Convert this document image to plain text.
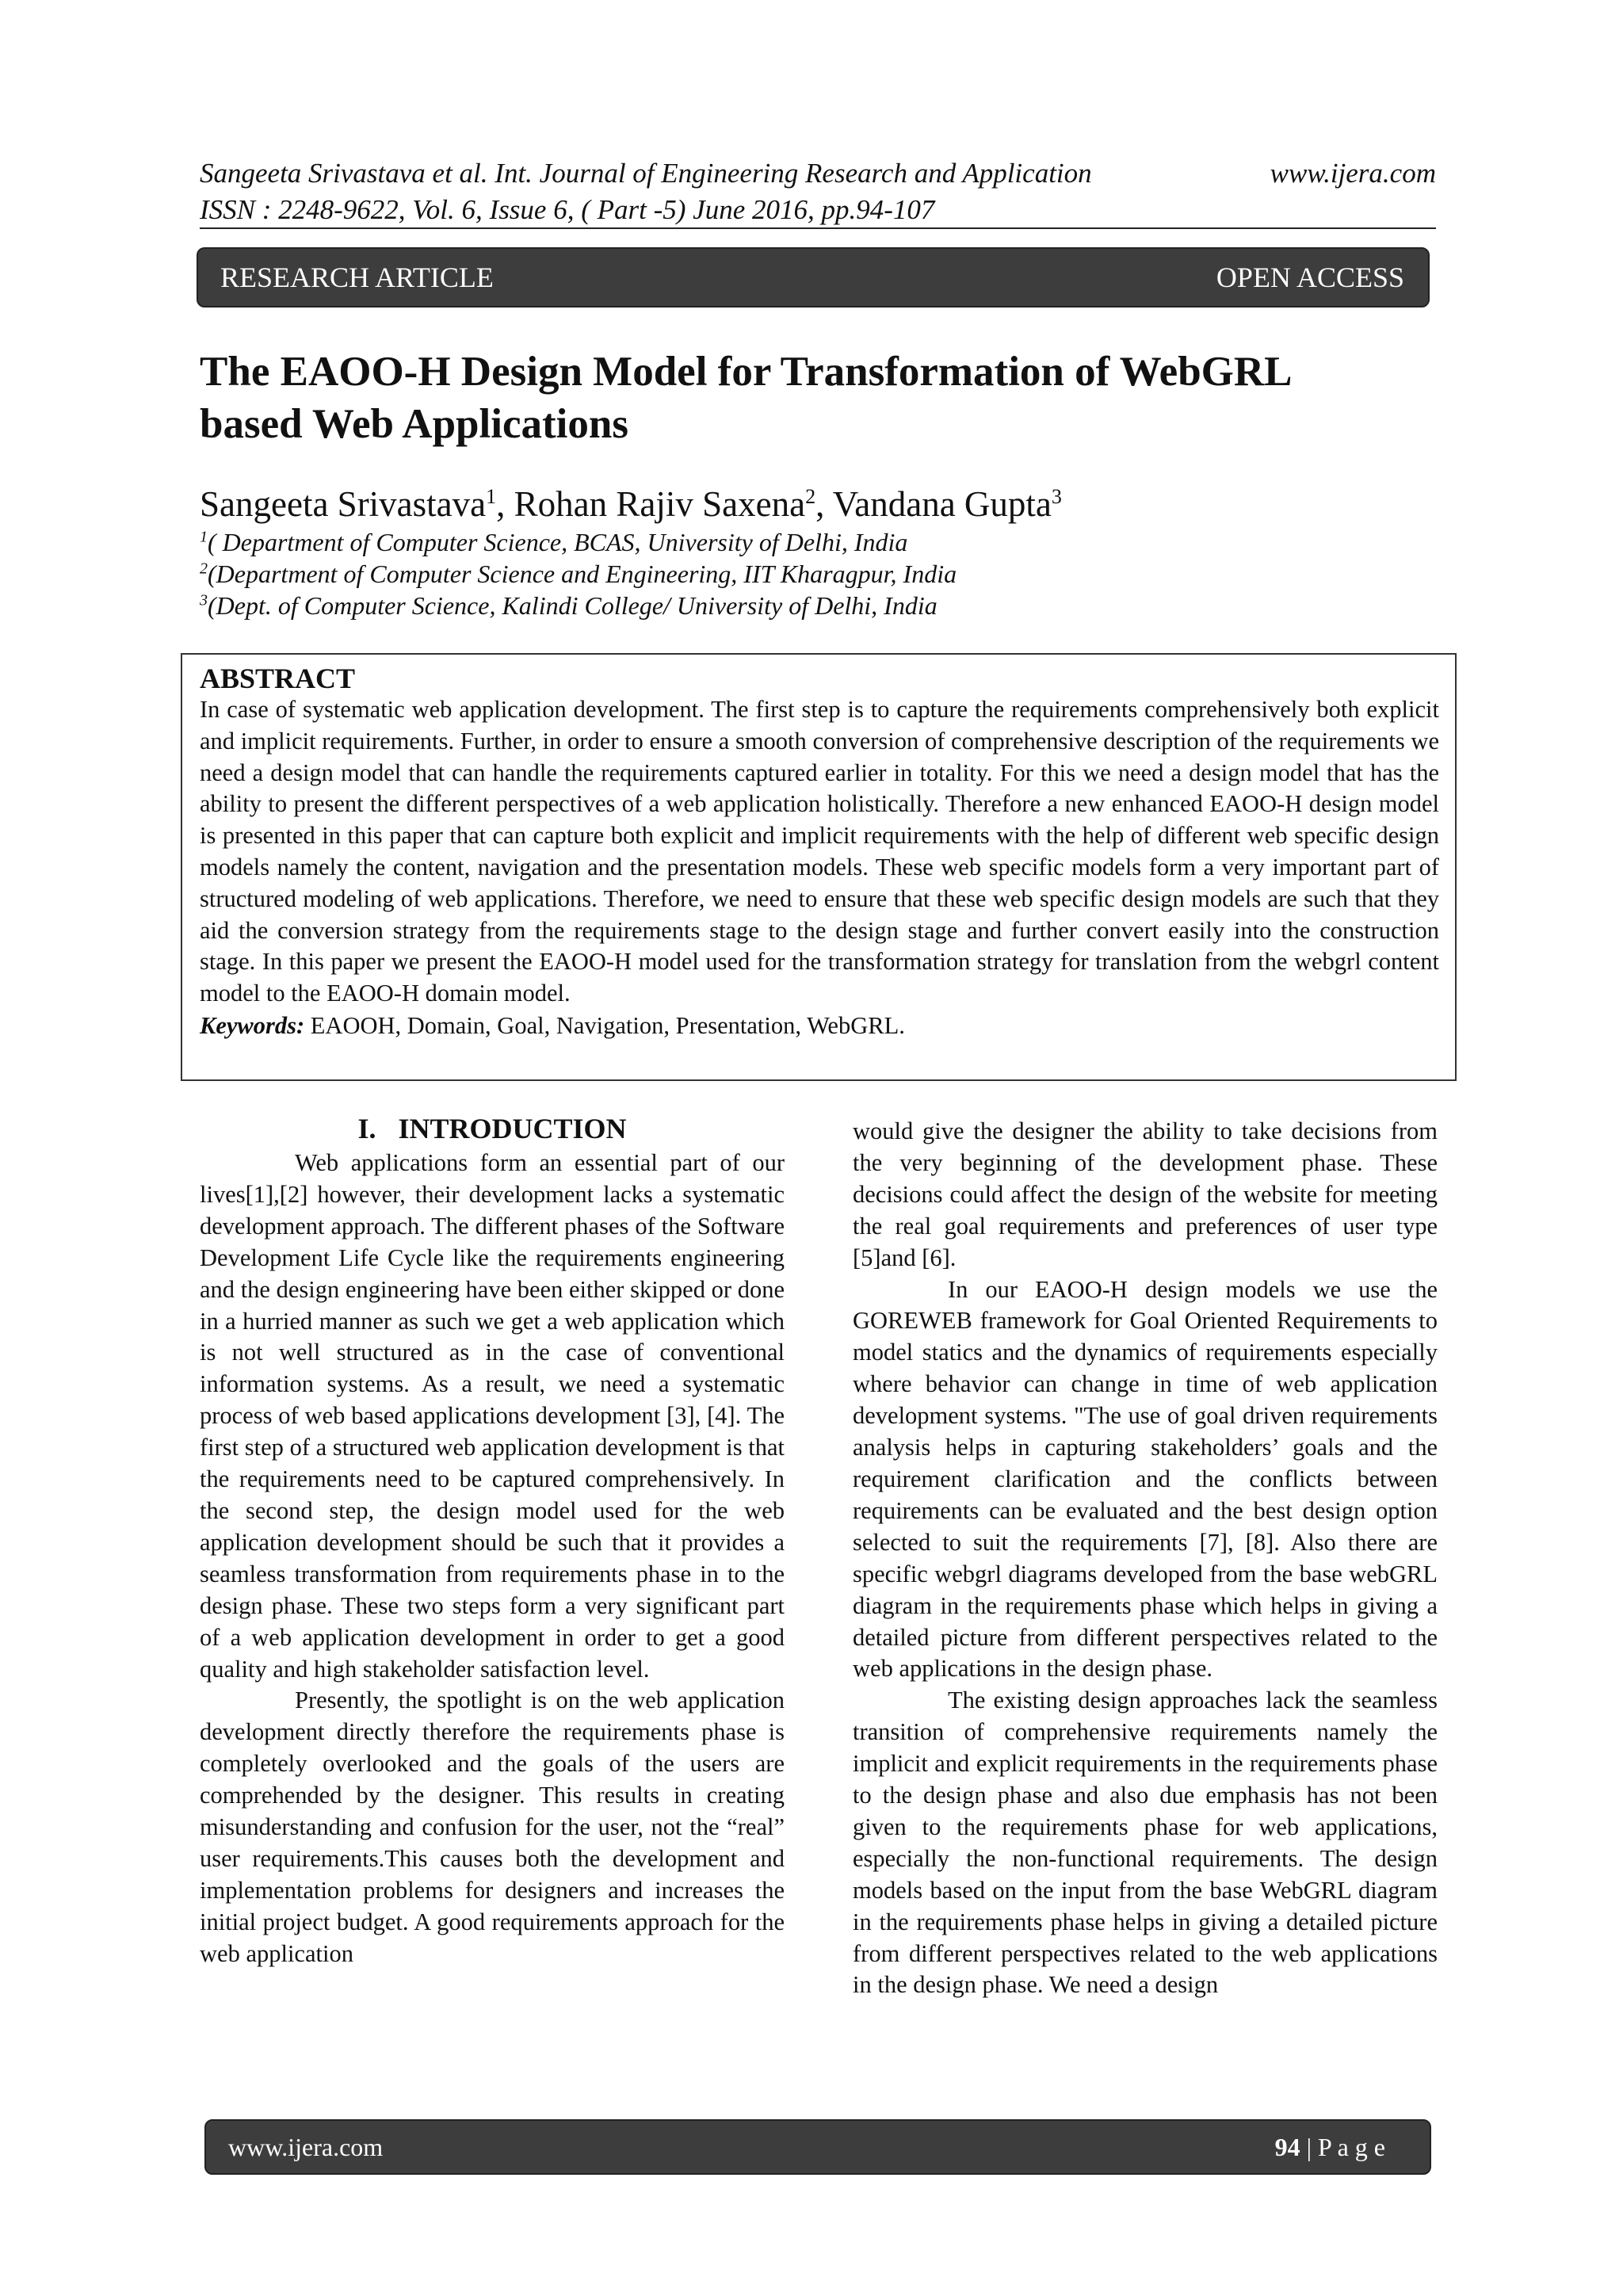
Sangeeta Srivastava et al. Int. Journal of Engineering Research and Application	www.ijera.com
ISSN : 2248-9622, Vol. 6, Issue 6, ( Part -5) June 2016, pp.94-107
RESEARCH ARTICLE	OPEN ACCESS
The EAOO-H Design Model for Transformation of WebGRL
based Web Applications
Sangeeta Srivastava$^1$, Rohan Rajiv Saxena$^2$, Vandana Gupta$^3$
$^1$( Department of Computer Science, BCAS, University of Delhi, India
$^2$(Department of Computer Science and Engineering, IIT Kharagpur, India
$^3$(Dept. of Computer Science, Kalindi College/ University of Delhi, India
ABSTRACT

In case of systematic web application development. The first step is to capture the requirements comprehensively both explicit and implicit requirements. Further, in order to ensure a smooth conversion of comprehensive description of the requirements we need a design model that can handle the requirements captured earlier in totality. For this we need a design model that has the ability to present the different perspectives of a web application holistically. Therefore a new enhanced EAOO-H design model is presented in this paper that can capture both explicit and implicit requirements with the help of different web specific design models namely the content, navigation and the presentation models. These web specific models form a very important part of structured modeling of web applications. Therefore, we need to ensure that these web specific design models are such that they aid the conversion strategy from the requirements stage to the design stage and further convert easily into the construction stage. In this paper we present the EAOO-H model used for the transformation strategy for translation from the webgrl content model to the EAOO-H domain model.

Keywords: EAOOH, Domain, Goal, Navigation, Presentation, WebGRL.

I. INTRODUCTION

Web applications form an essential part of our lives[1],[2] however, their development lacks a systematic development approach. The different phases of the Software Development Life Cycle like the requirements engineering and the design engineering have been either skipped or done in a hurried manner as such we get a web application which is not well structured as in the case of conventional information systems. As a result, we need a systematic process of web based applications development [3], [4]. The first step of a structured web application development is that the requirements need to be captured comprehensively. In the second step, the design model used for the web application development should be such that it provides a seamless transformation from requirements phase in to the design phase. These two steps form a very significant part of a web application development in order to get a good quality and high stakeholder satisfaction level.

Presently, the spotlight is on the web application development directly therefore the requirements phase is completely overlooked and the goals of the users are comprehended by the designer. This results in creating misunderstanding and confusion for the user, not the “real” user requirements.This causes both the development and implementation problems for designers and increases the initial project budget. A good requirements approach for the web application

would give the designer the ability to take decisions from the very beginning of the development phase. These decisions could affect the design of the website for meeting the real goal requirements and preferences of user type [5]and [6].

In our EAOO-H design models we use the GOREWEB framework for Goal Oriented Requirements to model statics and the dynamics of requirements especially where behavior can change in time of web application development systems. "The use of goal driven requirements analysis helps in capturing stakeholders’ goals and the requirement clarification and the conflicts between requirements can be evaluated and the best design option selected to suit the requirements [7], [8]. Also there are specific webgrl diagrams developed from the base webGRL diagram in the requirements phase which helps in giving a detailed picture from different perspectives related to the web applications in the design phase.

The existing design approaches lack the seamless transition of comprehensive requirements namely the implicit and explicit requirements in the requirements phase to the design phase and also due emphasis has not been given to the requirements phase for web applications, especially the non-functional requirements. The design models based on the input from the base WebGRL diagram in the requirements phase helps in giving a detailed picture from different perspectives related to the web applications in the design phase. We need a design

www.ijera.com	94 | P a g e
